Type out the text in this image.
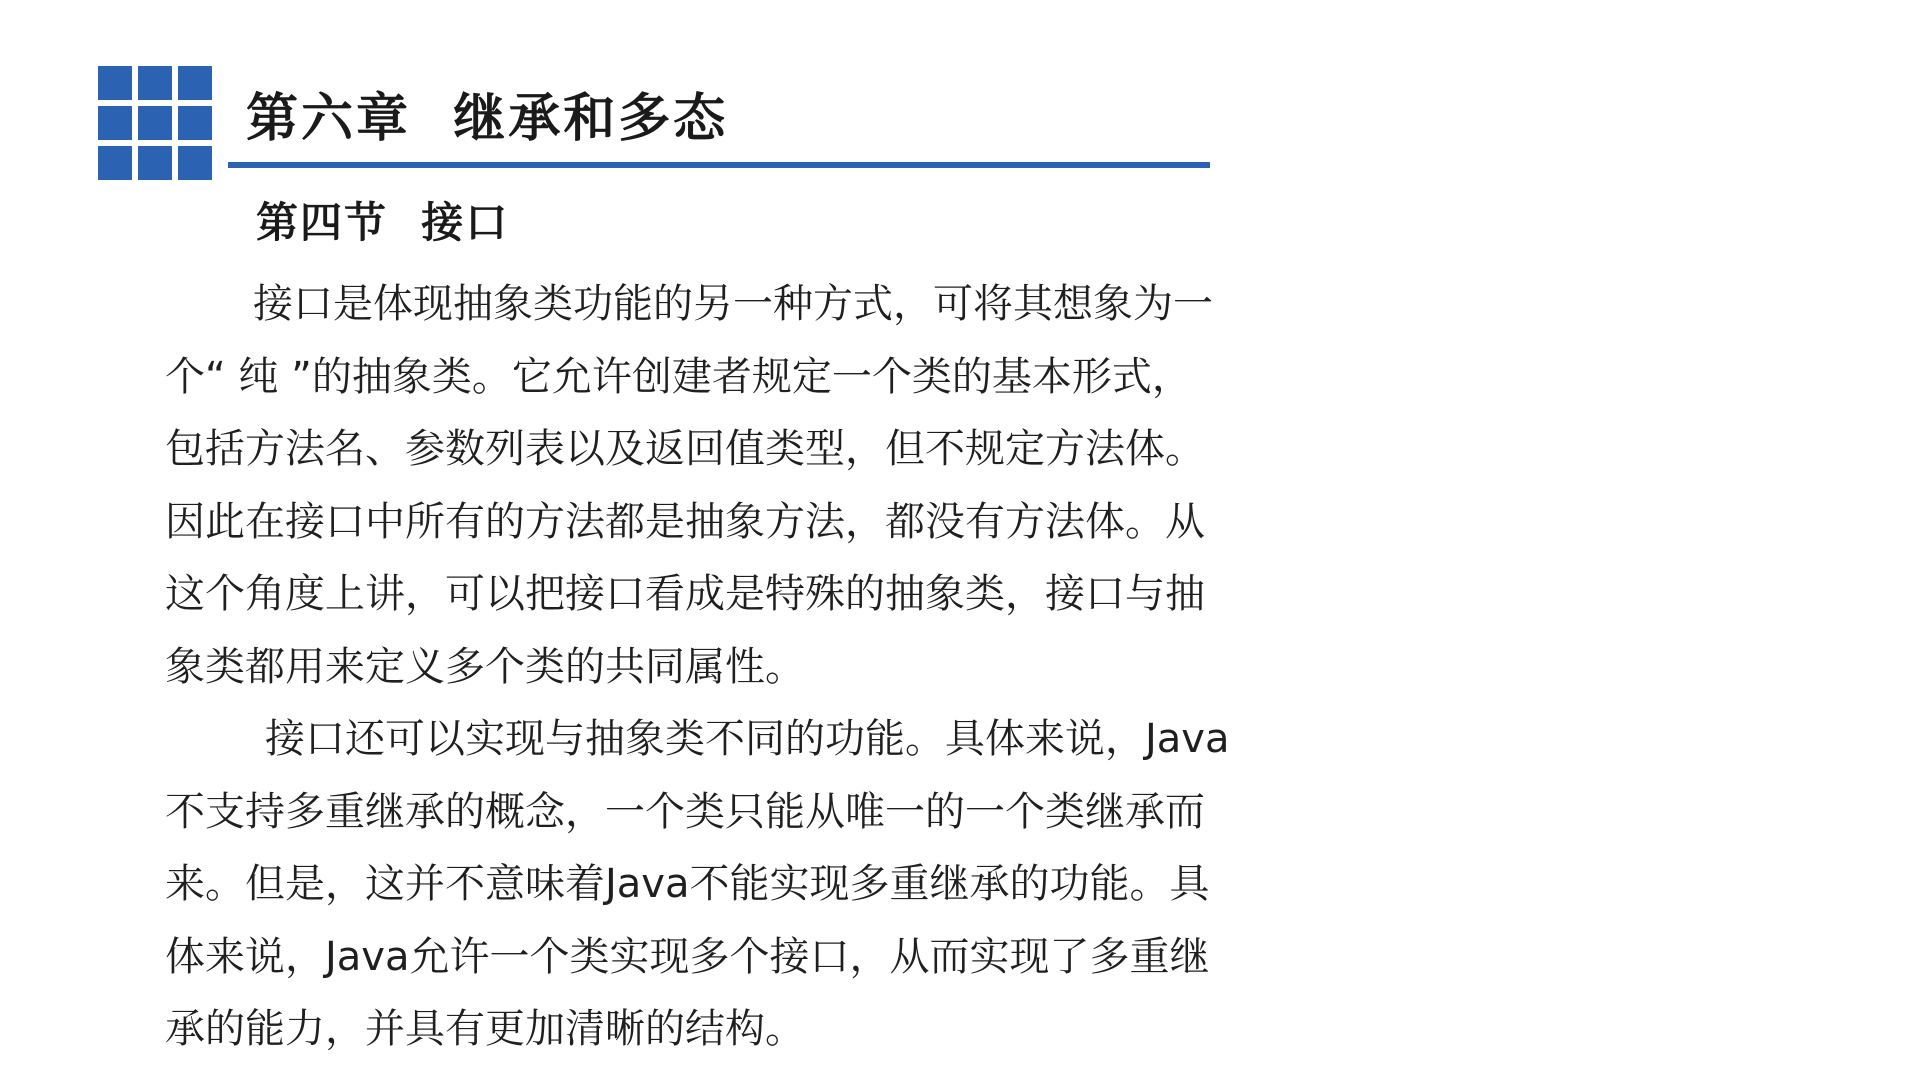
第六章  继承和多态
第四节  接口
接口是体现抽象类功能的另一种方式，可将其想象为一
个“ 纯 ”的抽象类。它允许创建者规定一个类的基本形式，
包括方法名、参数列表以及返回值类型，但不规定方法体。
因此在接口中所有的方法都是抽象方法，都没有方法体。从
这个角度上讲，可以把接口看成是特殊的抽象类，接口与抽
象类都用来定义多个类的共同属性。
接口还可以实现与抽象类不同的功能。具体来说，Java
不支持多重继承的概念，一个类只能从唯一的一个类继承而
来。但是，这并不意味着Java不能实现多重继承的功能。具
体来说，Java允许一个类实现多个接口，从而实现了多重继
承的能力，并具有更加清晰的结构。
